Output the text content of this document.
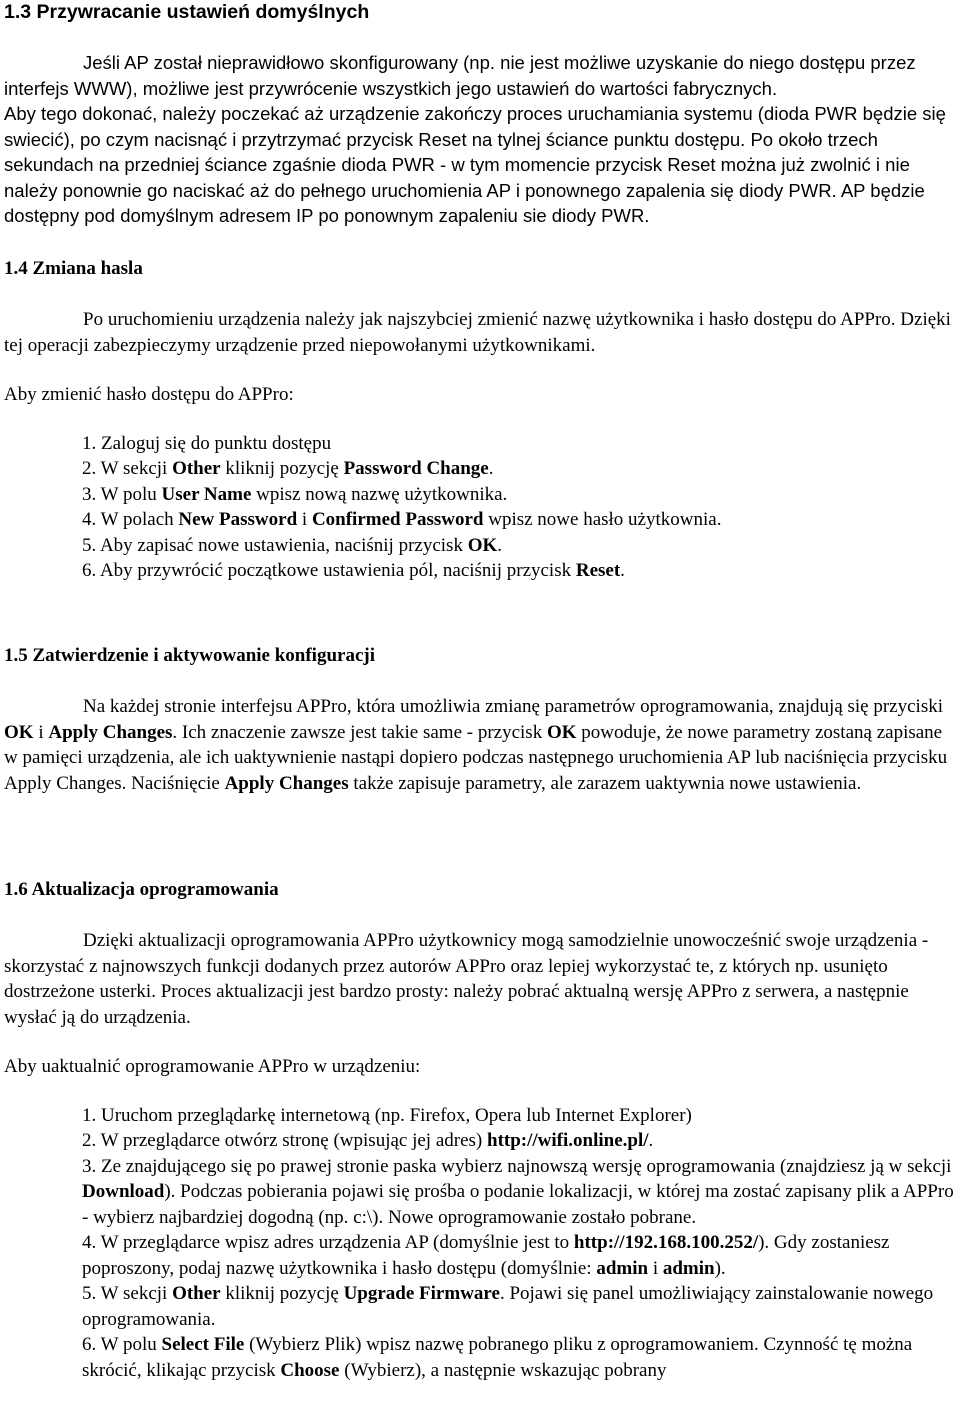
1.3 Przywracanie ustawień domyślnych

Jeśli AP został nieprawidłowo skonfigurowany (np. nie jest możliwe uzyskanie do niego dostępu przez interfejs WWW), możliwe jest przywrócenie wszystkich jego ustawień do wartości fabrycznych.

Aby tego dokonać, należy poczekać aż urządzenie zakończy proces uruchamiania systemu (dioda PWR będzie się swiecić), po czym nacisnąć i przytrzymać przycisk Reset na tylnej ściance punktu dostępu. Po około trzech sekundach na przedniej ściance zgaśnie dioda PWR - w tym momencie przycisk Reset można już zwolnić i nie należy ponownie go naciskać aż do pełnego uruchomienia AP i ponownego zapalenia się diody PWR. AP będzie dostępny pod domyślnym adresem IP po ponownym zapaleniu sie diody PWR.

1.4 Zmiana hasla

Po uruchomieniu urządzenia należy jak najszybciej zmienić nazwę użytkownika i hasło dostępu do APPro. Dzięki tej operacji zabezpieczymy urządzenie przed niepowołanymi użytkownikami.

Aby zmienić hasło dostępu do APPro:

1. Zaloguj się do punktu dostępu
2. W sekcji Other kliknij pozycję Password Change.
3. W polu User Name wpisz nową nazwę użytkownika.
4. W polach New Password i Confirmed Password wpisz nowe hasło użytkownia.
5. Aby zapisać nowe ustawienia, naciśnij przycisk OK.
6. Aby przywrócić początkowe ustawienia pól, naciśnij przycisk Reset.
1.5 Zatwierdzenie i aktywowanie konfiguracji

Na każdej stronie interfejsu APPro, która umożliwia zmianę parametrów oprogramowania, znajdują się przyciski OK i Apply Changes. Ich znaczenie zawsze jest takie same - przycisk OK powoduje, że nowe parametry zostaną zapisane w pamięci urządzenia, ale ich uaktywnienie nastąpi dopiero podczas następnego uruchomienia AP lub naciśnięcia przycisku Apply Changes. Naciśnięcie Apply Changes także zapisuje parametry, ale zarazem uaktywnia nowe ustawienia.

1.6 Aktualizacja oprogramowania

Dzięki aktualizacji oprogramowania APPro użytkownicy mogą samodzielnie unowocześnić swoje urządzenia - skorzystać z najnowszych funkcji dodanych przez autorów APPro oraz lepiej wykorzystać te, z których np. usunięto dostrzeżone usterki. Proces aktualizacji jest bardzo prosty: należy pobrać aktualną wersję APPro z serwera, a następnie wysłać ją do urządzenia.

Aby uaktualnić oprogramowanie APPro w urządzeniu:

1. Uruchom przeglądarkę internetową (np. Firefox, Opera lub Internet Explorer)
2. W przeglądarce otwórz stronę (wpisując jej adres) http://wifi.online.pl/.
3. Ze znajdującego się po prawej stronie paska wybierz najnowszą wersję oprogramowania (znajdziesz ją w sekcji Download). Podczas pobierania pojawi się prośba o podanie lokalizacji, w której ma zostać zapisany plik a APPro - wybierz najbardziej dogodną (np. c:\). Nowe oprogramowanie zostało pobrane.
4. W przeglądarce wpisz adres urządzenia AP (domyślnie jest to http://192.168.100.252/). Gdy zostaniesz poproszony, podaj nazwę użytkownika i hasło dostępu (domyślnie: admin i admin).
5. W sekcji Other kliknij pozycję Upgrade Firmware. Pojawi się panel umożliwiający zainstalowanie nowego oprogramowania.
6. W polu Select File (Wybierz Plik) wpisz nazwę pobranego pliku z oprogramowaniem. Czynność tę można skrócić, klikając przycisk Choose (Wybierz), a następnie wskazując pobrany
